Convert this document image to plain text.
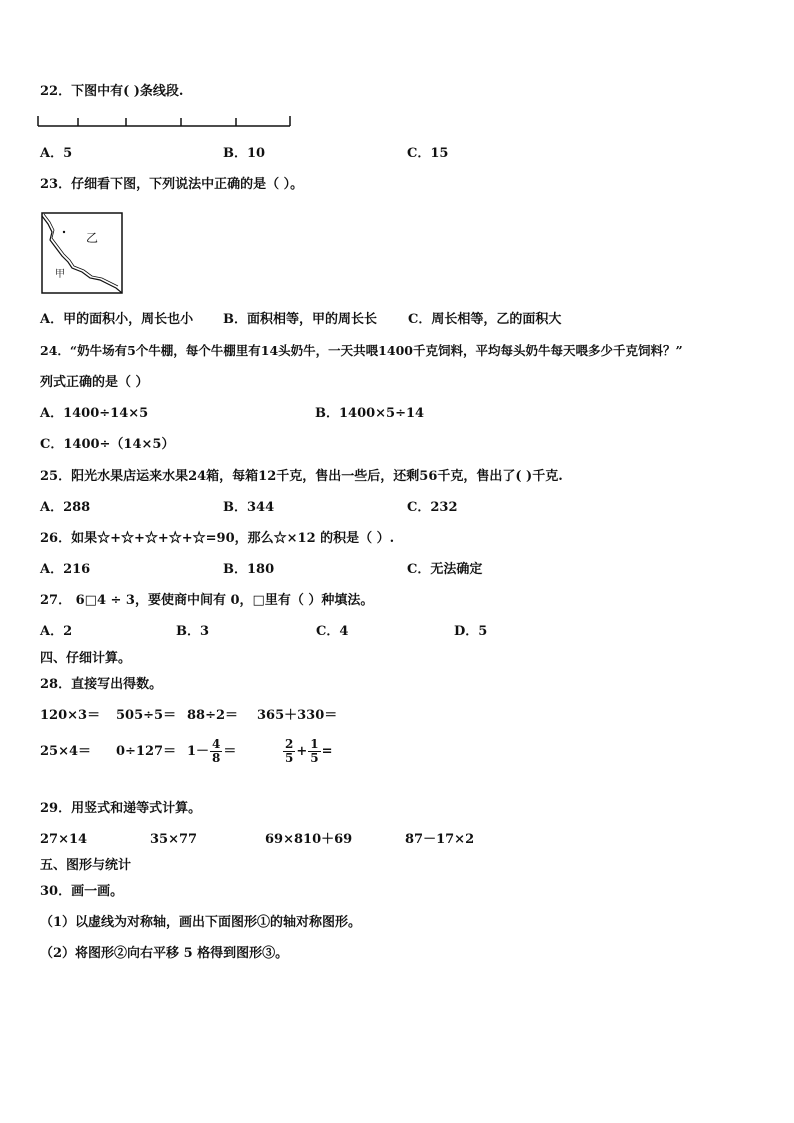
22．下图中有( )条线段.
A．5	B．10	C．15
23．仔细看下图，下列说法中正确的是（ ）。
乙
甲
A．甲的面积小，周长也小 B．面积相等，甲的周长长 C．周长相等，乙的面积大
24．“奶牛场有5个牛棚，每个牛棚里有14头奶牛，一天共喂1400千克饲料，平均每头奶牛每天喂多少千克饲料？”
列式正确的是（ ）
A．1400÷14×5	B．1400×5÷14
C．1400÷（14×5）
25．阳光水果店运来水果24箱，每箱12千克，售出一些后，还剩56千克，售出了( )千克.
A．288	B．344	C．232
26．如果☆+☆+☆+☆+☆=90，那么☆×12 的积是（ ）.
A．216	B．180	C．无法确定
27． 6□4 ÷ 3，要使商中间有 0，□里有（ ）种填法。
A．2	B．3	C．4	D．5
四、仔细计算。
28．直接写出得数。
120×3＝ 505÷5＝ 88÷2＝ 365＋330＝
$25\times 4= 0\div 127= 1- \frac{4}{8}$ ＝	$\frac{2}{5} + \frac{1}{5}$ =
29．用竖式和递等式计算。
27×14	35×77	69×810＋69	87－17×2
五、图形与统计
30．画一画。
（1）以虚线为对称轴，画出下面图形①的轴对称图形。
（2）将图形②向右平移 5 格得到图形③。
